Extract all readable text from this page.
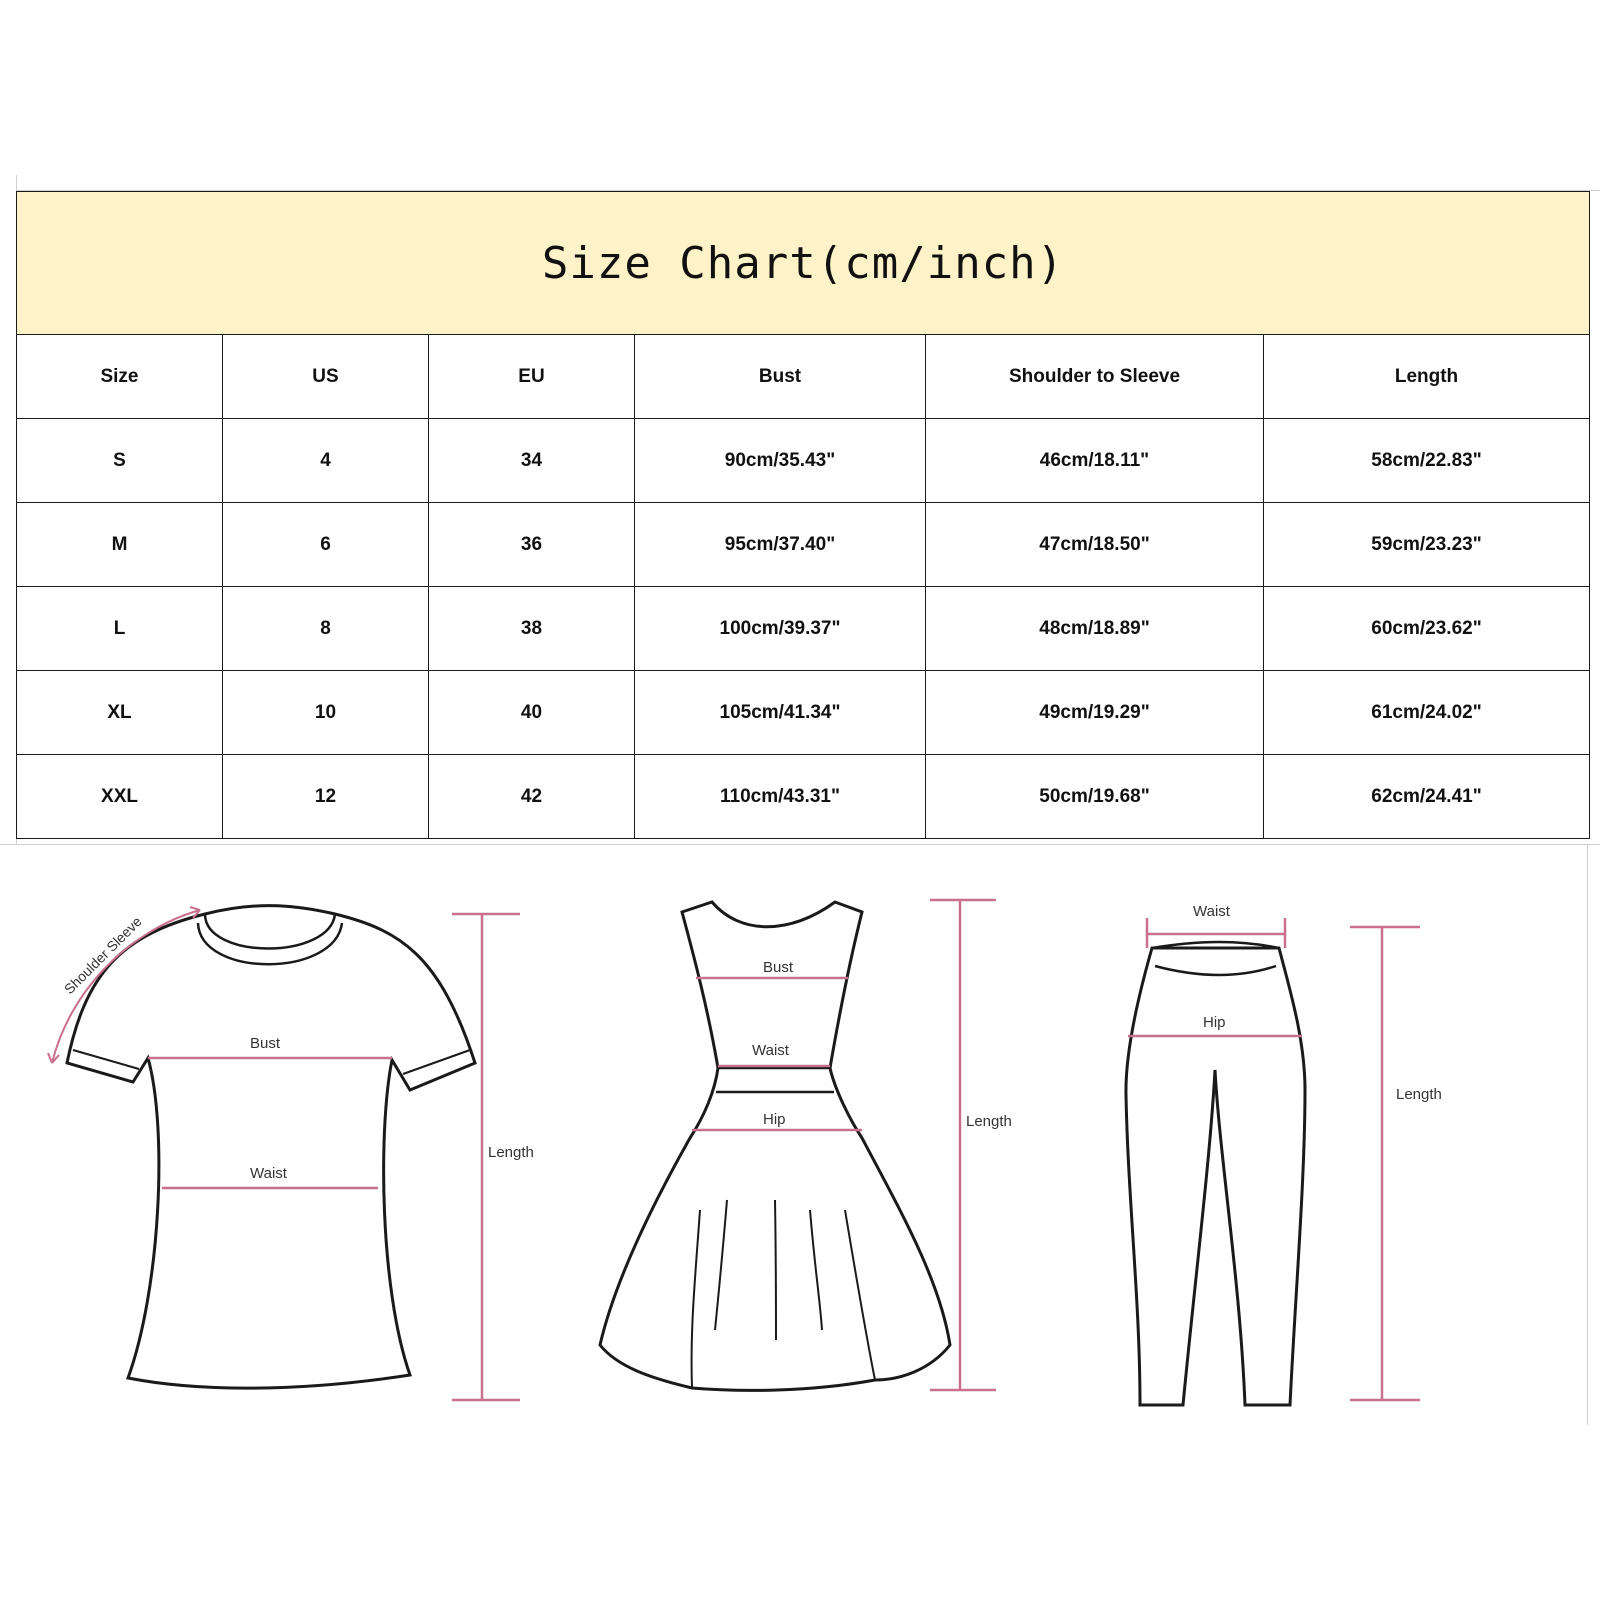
Size Chart(cm/inch)					
Size	US	EU	Bust	Shoulder to Sleeve	Length
S	4	34	90cm/35.43"	46cm/18.11"	58cm/22.83"
M	6	36	95cm/37.40"	47cm/18.50"	59cm/23.23"
L	8	38	100cm/39.37"	48cm/18.89"	60cm/23.62"
XL	10	40	105cm/41.34"	49cm/19.29"	61cm/24.02"
XXL	12	42	110cm/43.31"	50cm/19.68"	62cm/24.41"
Shoulder Sleeve
Bust
Waist
Length
Bust
Waist
Hip	Length
Waist
Hip
Length
